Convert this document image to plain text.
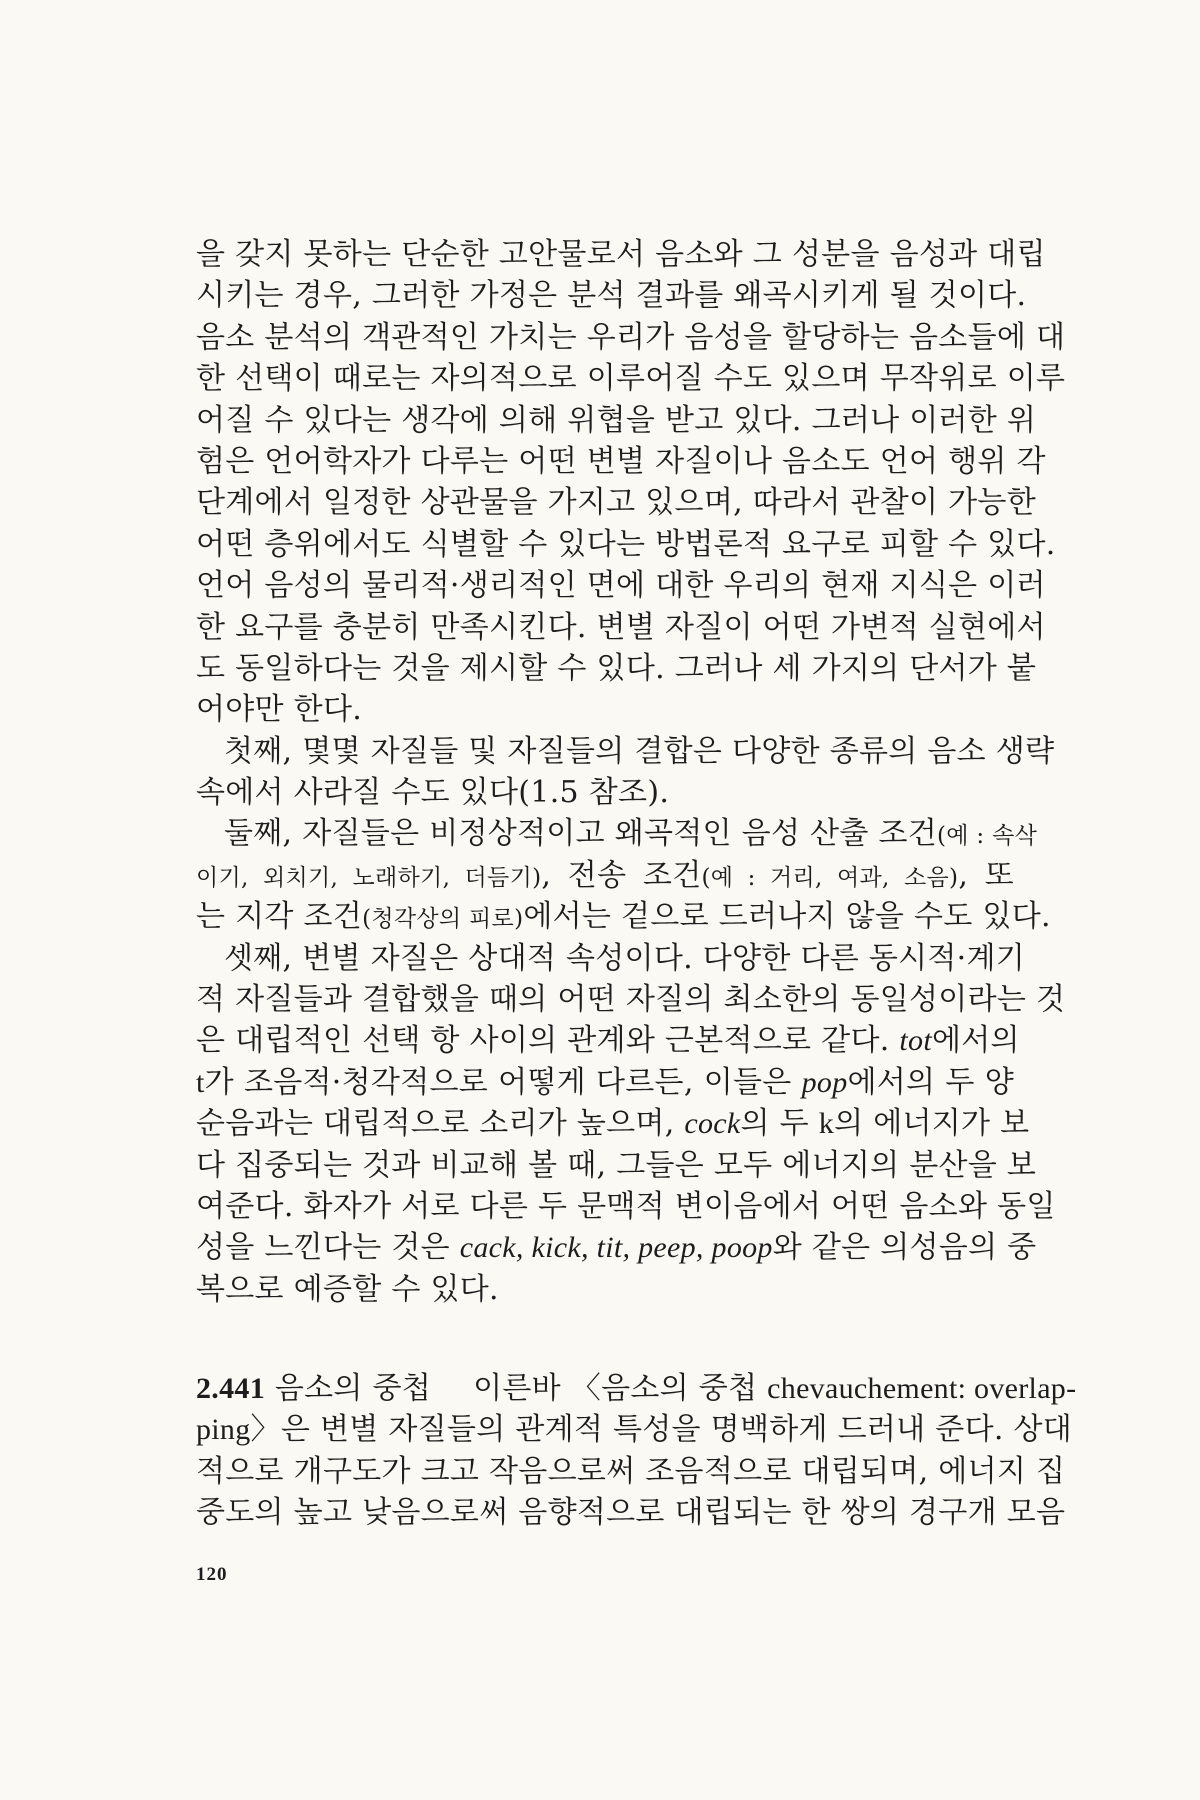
을 갖지 못하는 단순한 고안물로서 음소와 그 성분을 음성과 대립
시키는 경우, 그러한 가정은 분석 결과를 왜곡시키게 될 것이다.
음소 분석의 객관적인 가치는 우리가 음성을 할당하는 음소들에 대
한 선택이 때로는 자의적으로 이루어질 수도 있으며 무작위로 이루
어질 수 있다는 생각에 의해 위협을 받고 있다. 그러나 이러한 위
험은 언어학자가 다루는 어떤 변별 자질이나 음소도 언어 행위 각
단계에서 일정한 상관물을 가지고 있으며, 따라서 관찰이 가능한
어떤 층위에서도 식별할 수 있다는 방법론적 요구로 피할 수 있다.
언어 음성의 물리적·생리적인 면에 대한 우리의 현재 지식은 이러
한 요구를 충분히 만족시킨다. 변별 자질이 어떤 가변적 실현에서
도 동일하다는 것을 제시할 수 있다. 그러나 세 가지의 단서가 붙
어야만 한다.
첫째, 몇몇 자질들 및 자질들의 결합은 다양한 종류의 음소 생략
속에서 사라질 수도 있다(1.5 참조).
둘째, 자질들은 비정상적이고 왜곡적인 음성 산출 조건(예 : 속삭
이기, 외치기, 노래하기, 더듬기), 전송 조건(예 : 거리, 여과, 소음), 또
는 지각 조건(청각상의 피로)에서는 겉으로 드러나지 않을 수도 있다.
셋째, 변별 자질은 상대적 속성이다. 다양한 다른 동시적·계기
적 자질들과 결합했을 때의 어떤 자질의 최소한의 동일성이라는 것
은 대립적인 선택 항 사이의 관계와 근본적으로 같다. tot에서의
t가 조음적·청각적으로 어떻게 다르든, 이들은 pop에서의 두 양
순음과는 대립적으로 소리가 높으며, cock의 두 k의 에너지가 보
다 집중되는 것과 비교해 볼 때, 그들은 모두 에너지의 분산을 보
여준다. 화자가 서로 다른 두 문맥적 변이음에서 어떤 음소와 동일
성을 느낀다는 것은 cack, kick, tit, peep, poop와 같은 의성음의 중
복으로 예증할 수 있다.
2.441 음소의 중첩 이른바 〈음소의 중첩 chevauchement: overlap-
ping〉은 변별 자질들의 관계적 특성을 명백하게 드러내 준다. 상대
적으로 개구도가 크고 작음으로써 조음적으로 대립되며, 에너지 집
중도의 높고 낮음으로써 음향적으로 대립되는 한 쌍의 경구개 모음
120
